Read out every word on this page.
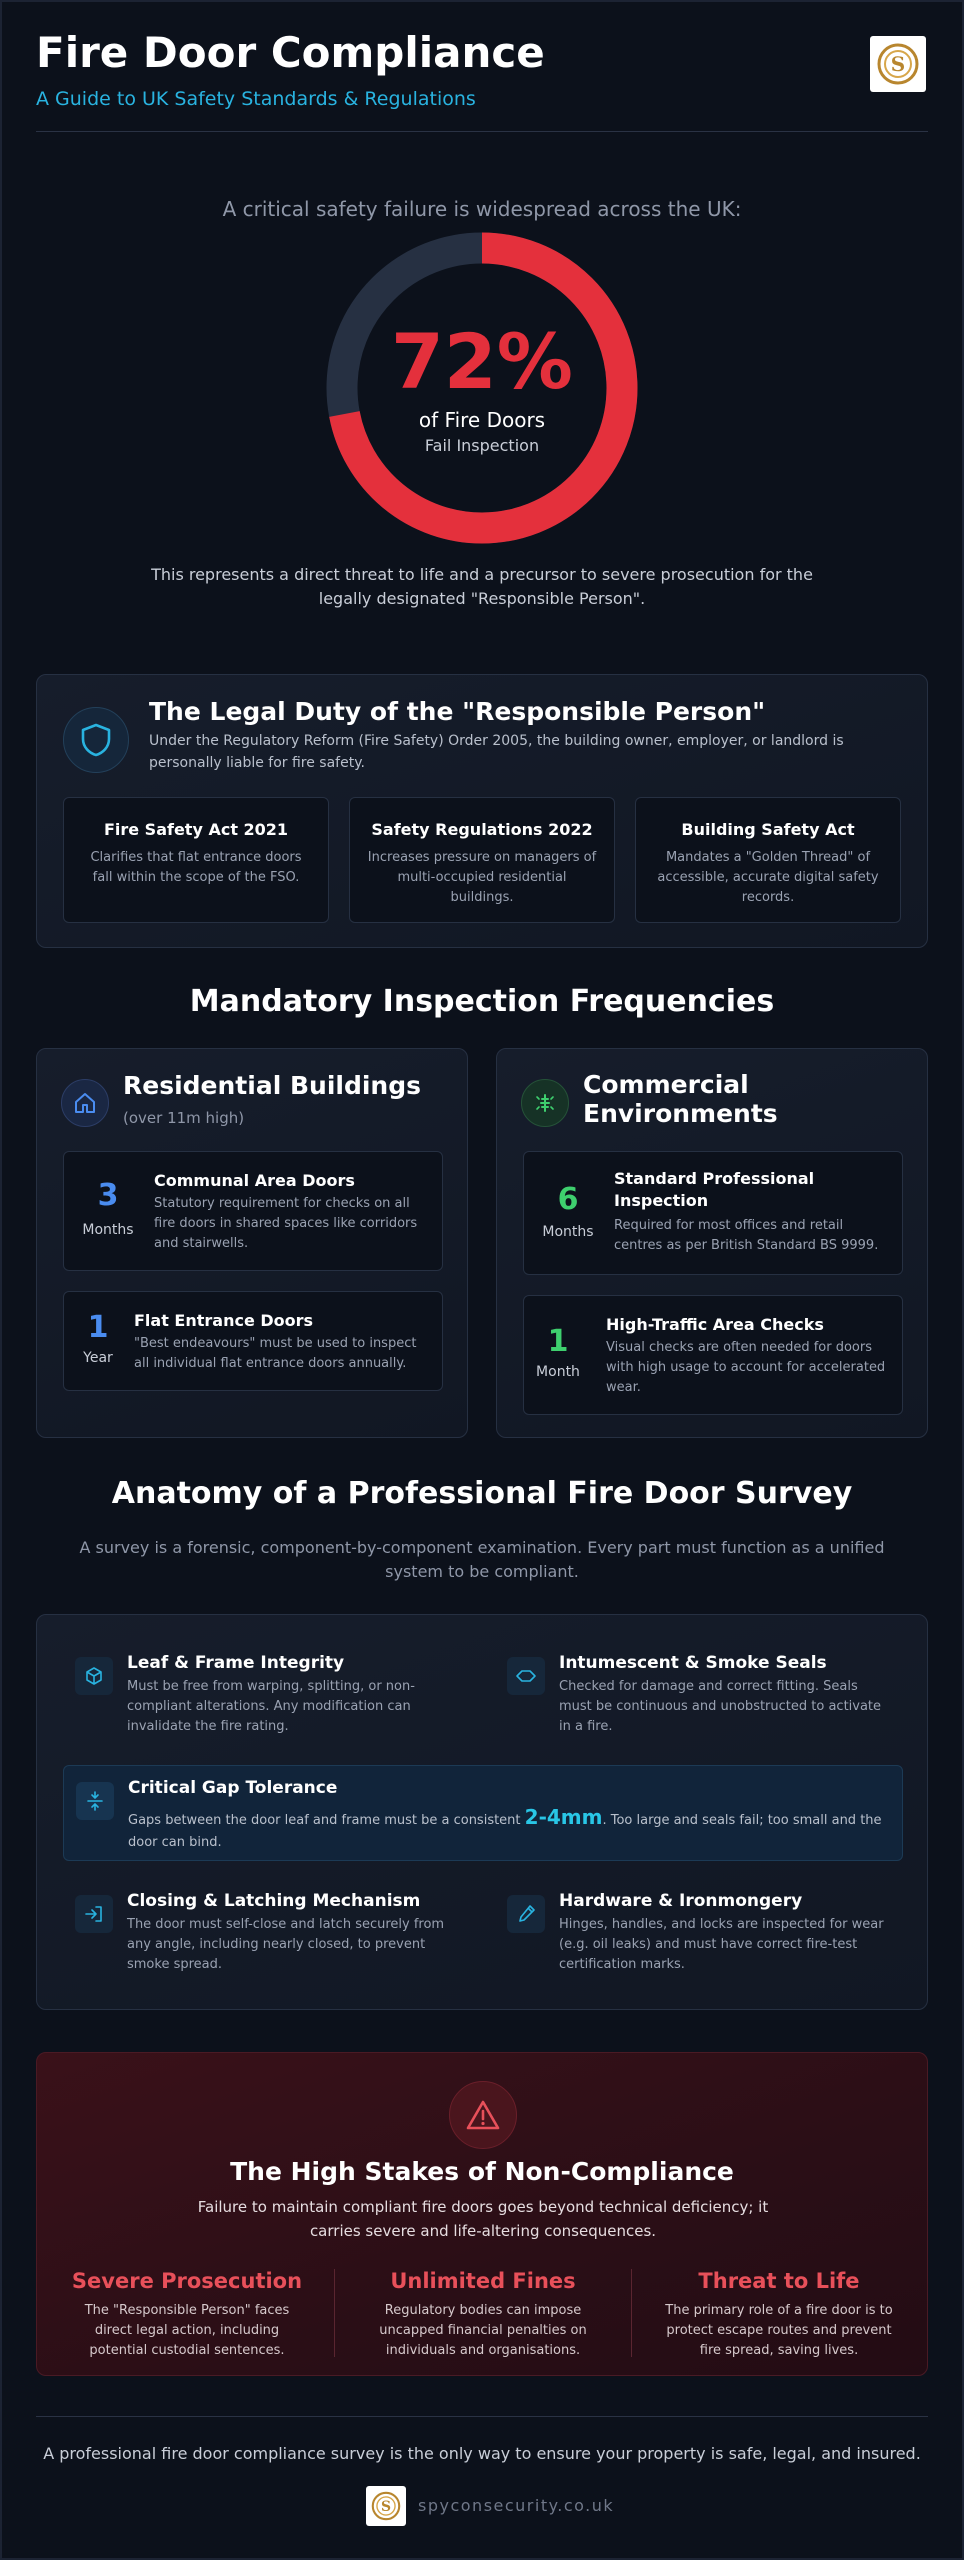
Fire Door Compliance
A Guide to UK Safety Standards & Regulations
S
A critical safety failure is widespread across the UK:
72%
of Fire Doors
Fail Inspection
This represents a direct threat to life and a precursor to severe prosecution for the legally designated "Responsible Person".
The Legal Duty of the "Responsible Person"
Under the Regulatory Reform (Fire Safety) Order 2005, the building owner, employer, or landlord is personally liable for fire safety.
Fire Safety Act 2021
Clarifies that flat entrance doors fall within the scope of the FSO.
Safety Regulations 2022
Increases pressure on managers of multi-occupied residential buildings.
Building Safety Act
Mandates a "Golden Thread" of accessible, accurate digital safety records.
Mandatory Inspection Frequencies
Residential Buildings
(over 11m high)
3
Months
Communal Area Doors
Statutory requirement for checks on all fire doors in shared spaces like corridors and stairwells.
1
Year
Flat Entrance Doors
"Best endeavours" must be used to inspect all individual flat entrance doors annually.
Commercial
Environments
6
Months
Standard Professional
Inspection
Required for most offices and retail centres as per British Standard BS 9999.
1
Month
High-Traffic Area Checks
Visual checks are often needed for doors with high usage to account for accelerated wear.
Anatomy of a Professional Fire Door Survey
A survey is a forensic, component-by-component examination. Every part must function as a unified system to be compliant.
Leaf & Frame Integrity
Must be free from warping, splitting, or non-compliant alterations. Any modification can invalidate the fire rating.
Intumescent & Smoke Seals
Checked for damage and correct fitting. Seals must be continuous and unobstructed to activate in a fire.
Critical Gap Tolerance
Gaps between the door leaf and frame must be a consistent 2-4mm. Too large and seals fail; too small and the door can bind.
Closing & Latching Mechanism
The door must self-close and latch securely from any angle, including nearly closed, to prevent smoke spread.
Hardware & Ironmongery
Hinges, handles, and locks are inspected for wear (e.g. oil leaks) and must have correct fire-test certification marks.
The High Stakes of Non-Compliance
Failure to maintain compliant fire doors goes beyond technical deficiency; it carries severe and life-altering consequences.
Severe Prosecution
The "Responsible Person" faces direct legal action, including potential custodial sentences.
Unlimited Fines
Regulatory bodies can impose uncapped financial penalties on individuals and organisations.
Threat to Life
The primary role of a fire door is to protect escape routes and prevent fire spread, saving lives.
A professional fire door compliance survey is the only way to ensure your property is safe, legal, and insured.
S spyconsecurity.co.uk
